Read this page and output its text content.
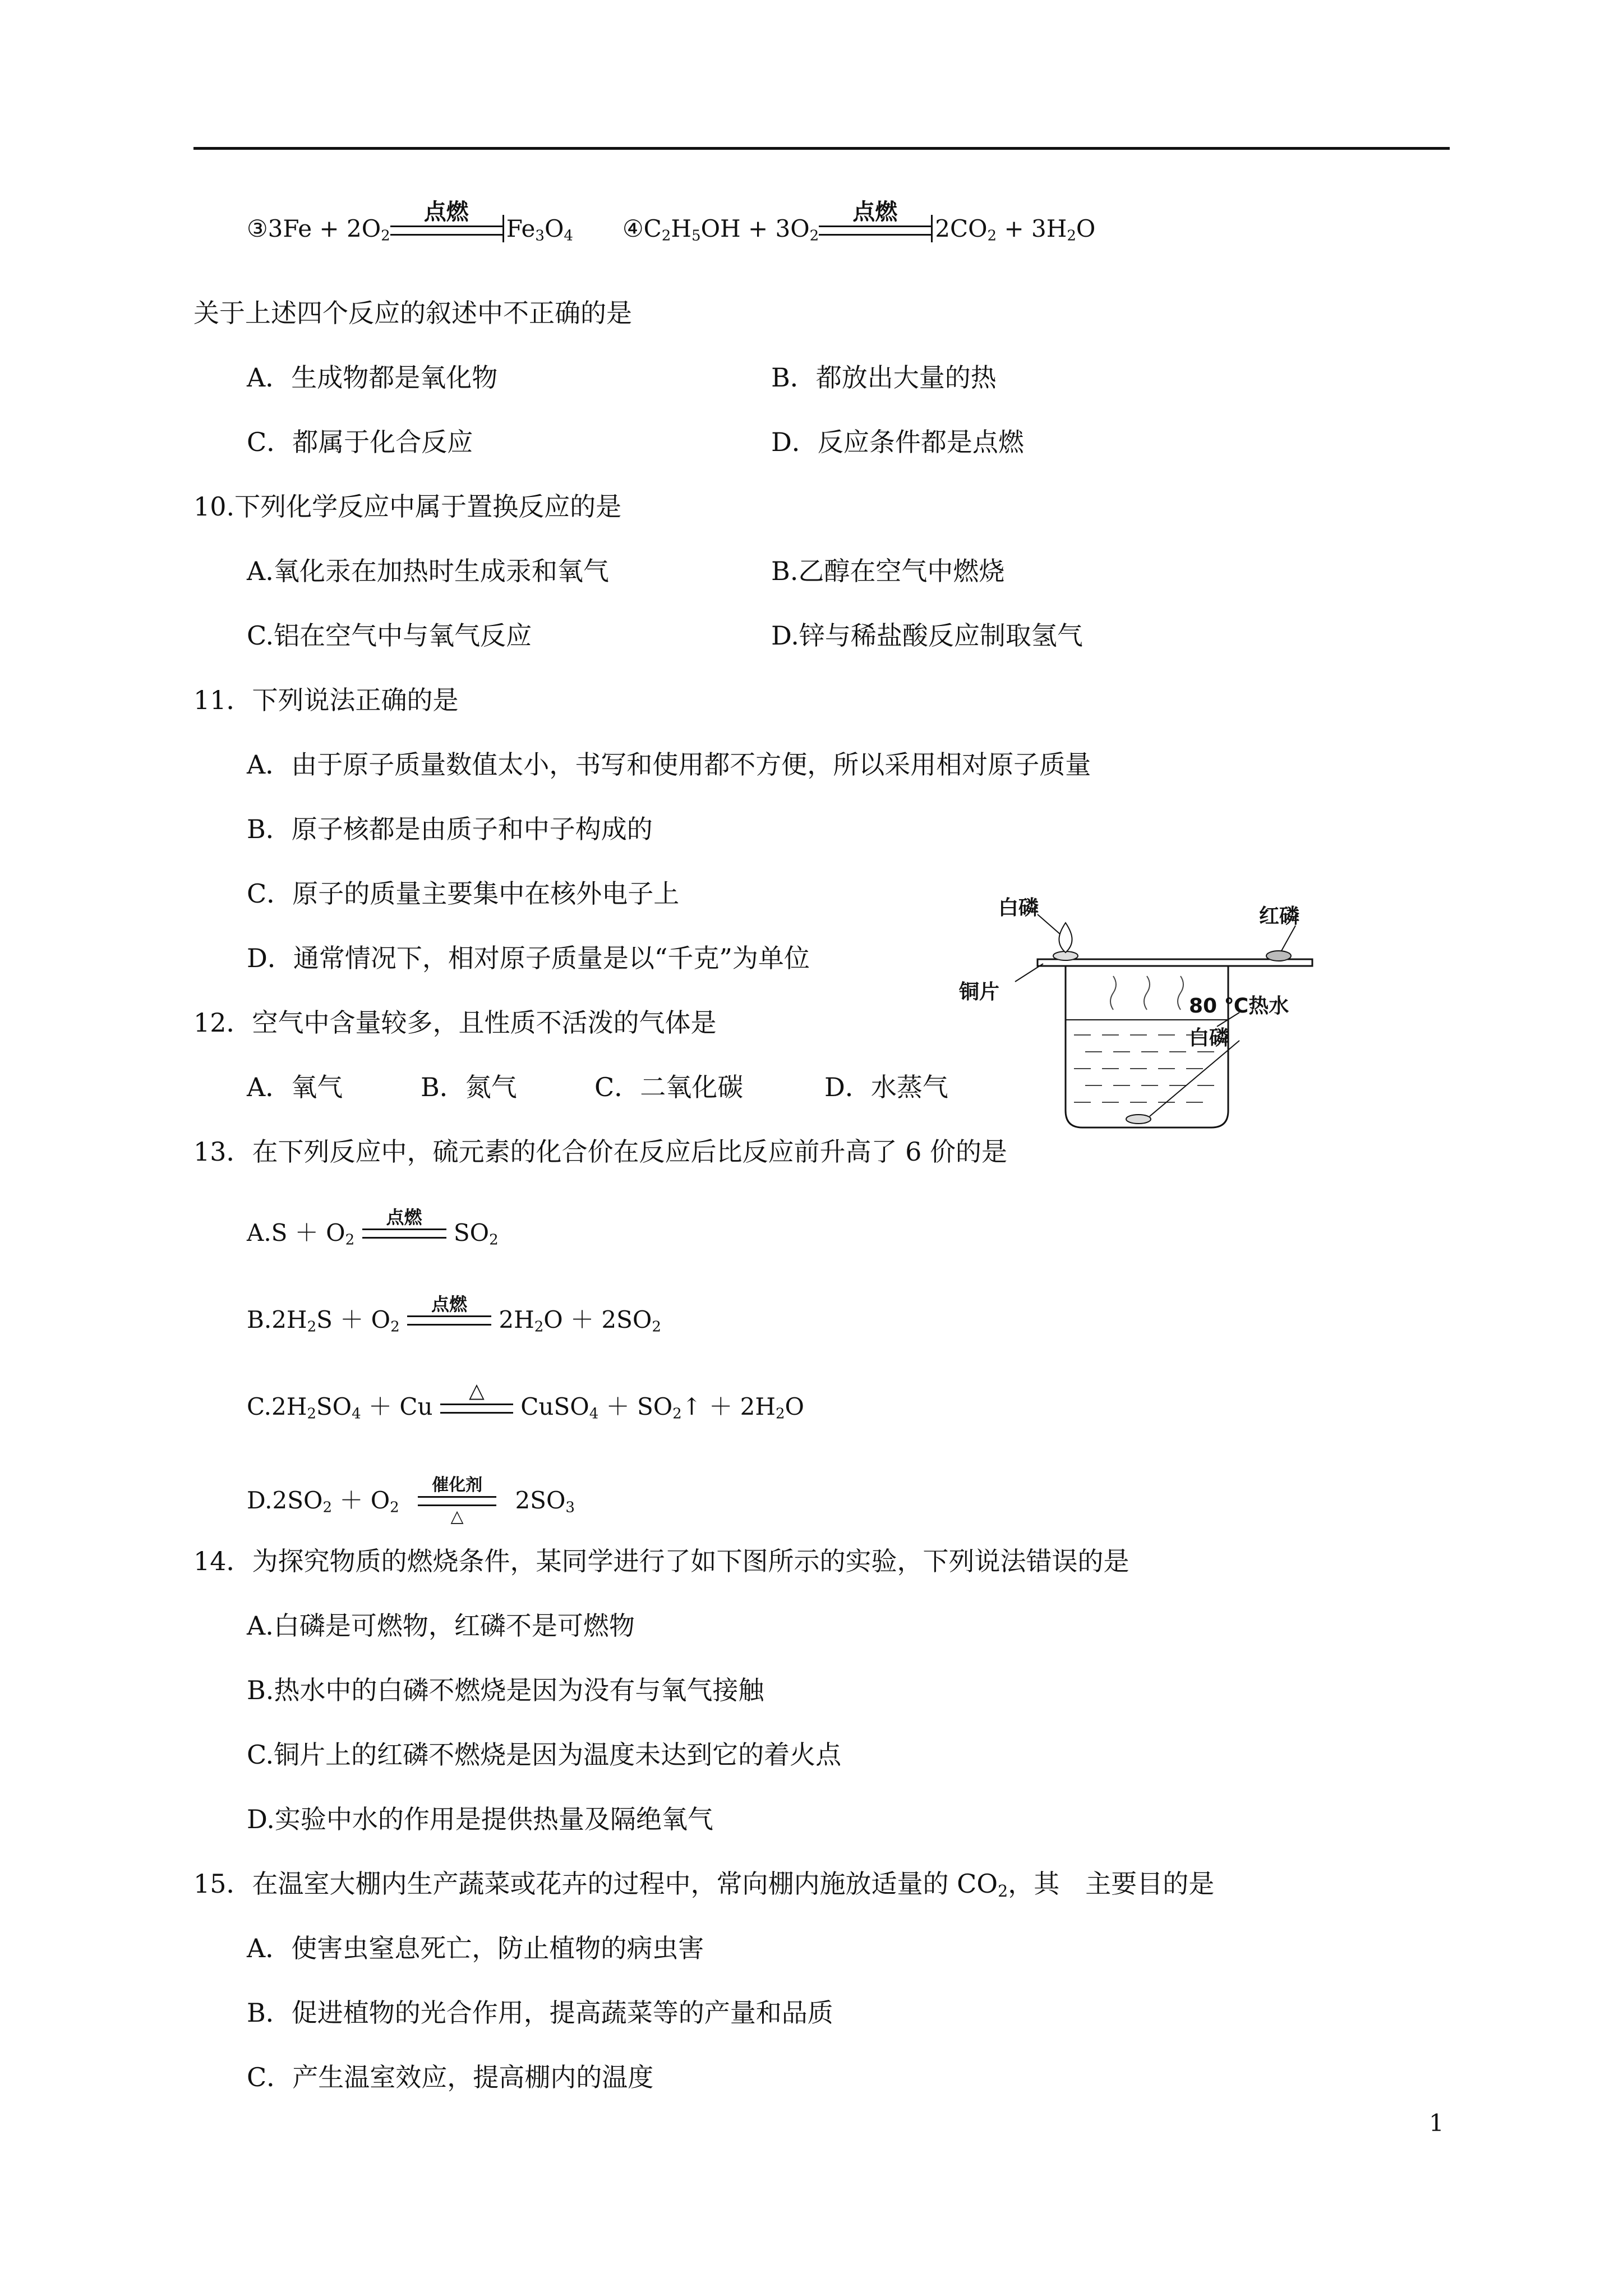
③3Fe + $2O_2$
点燃
$Fe_3O_4$ $④C_2H_5OH + 3O_2$
点燃
$2CO_2 + 3H_2O$
关于上述四个反应的叙述中不正确的是
A．生成物都是氧化物	B．都放出大量的热
C．都属于化合反应	D．反应条件都是点燃
10.下列化学反应中属于置换反应的是
A.氧化汞在加热时生成汞和氧气	B.乙醇在空气中燃烧
C.铝在空气中与氧气反应	D.锌与稀盐酸反应制取氢气
11．下列说法正确的是
A．由于原子质量数值太小，书写和使用都不方便，所以采用相对原子质量
B．原子核都是由质子和中子构成的
C．原子的质量主要集中在核外电子上
D．通常情况下，相对原子质量是以“千克”为单位
12．空气中含量较多，且性质不活泼的气体是
A．氧气	B．氮气	C．二氧化碳	D．水蒸气
白磷	红磷
铜片
80 ℃热水
白磷
13．在下列反应中，硫元素的化合价在反应后比反应前升高了 6 价的是
$A.S + O_2$
点燃
$SO_2$
$B.2H_2S + O_2$
点燃
$2H_2O + 2SO_2$
$C.2H_2SO_4 + Cu$
△
CuSO$_4$ ＋ $SO_2↑ + 2H_2O$
$D.2SO_2 + O_2$
催化剂
△
$2SO_3$
14．为探究物质的燃烧条件，某同学进行了如下图所示的实验，下列说法错误的是
A.白磷是可燃物，红磷不是可燃物
B.热水中的白磷不燃烧是因为没有与氧气接触
C.铜片上的红磷不燃烧是因为温度未达到它的着火点
D.实验中水的作用是提供热量及隔绝氧气
15．在温室大棚内生产蔬菜或花卉的过程中，常向棚内施放适量的 $CO_2$，其　主要目的是
A．使害虫窒息死亡，防止植物的病虫害
B．促进植物的光合作用，提高蔬菜等的产量和品质
C．产生温室效应，提高棚内的温度
1
